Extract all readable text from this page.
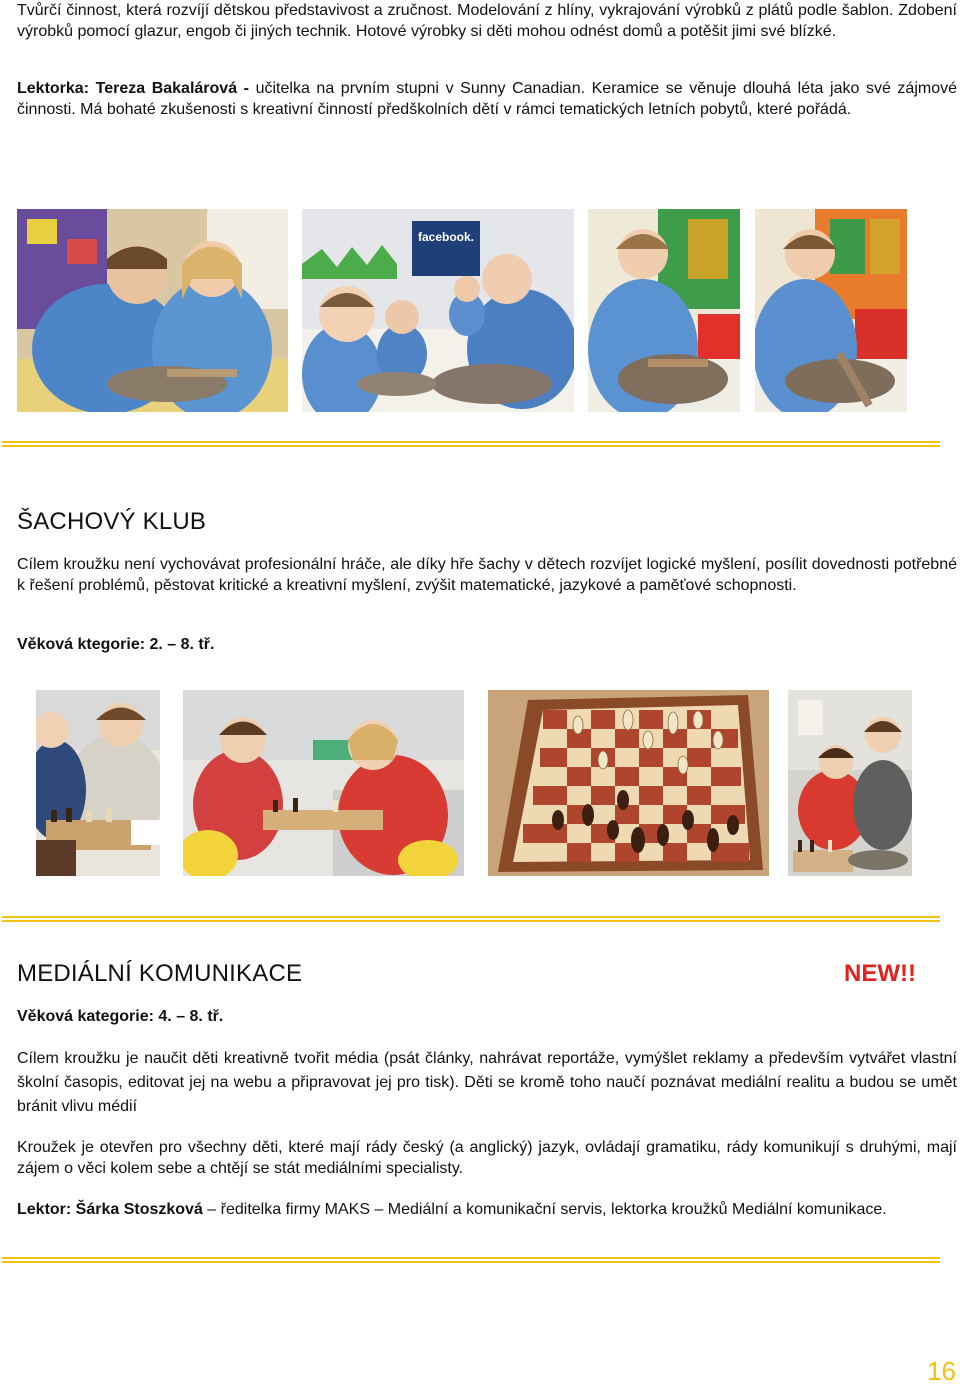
Tvůrčí činnost, která rozvíjí dětskou představivost a zručnost. Modelování z hlíny, vykrajování výrobků z plátů podle šablon. Zdobení výrobků pomocí glazur, engob či jiných technik. Hotové výrobky si děti mohou odnést domů a potěšit jimi své blízké.

Lektorka: Tereza Bakalárová - učitelka na prvním stupni v Sunny Canadian. Keramice se věnuje dlouhá léta jako své zájmové činnosti. Má bohaté zkušenosti s kreativní činností předškolních dětí v rámci tematických letních pobytů, které pořádá.

facebook.
ŠACHOVÝ KLUB

Cílem kroužku není vychovávat profesionální hráče, ale díky hře šachy v dětech rozvíjet logické myšlení, posílit dovednosti potřebné k řešení problémů, pěstovat kritické a kreativní myšlení, zvýšit matematické, jazykové a paměťové schopnosti.

Věková ktegorie: 2. – 8. tř.

MEDIÁLNÍ KOMUNIKACE	NEW!!

Věková kategorie: 4. – 8. tř.

Cílem kroužku je naučit děti kreativně tvořit média (psát články, nahrávat reportáže, vymýšlet reklamy a především vytvářet vlastní školní časopis, editovat jej na webu a připravovat jej pro tisk). Děti se kromě toho naučí poznávat mediální realitu a budou se umět bránit vlivu médií

Kroužek je otevřen pro všechny děti, které mají rády český (a anglický) jazyk, ovládají gramatiku, rády komunikují s druhými, mají zájem o věci kolem sebe a chtějí se stát mediálními specialisty.

Lektor: Šárka Stoszková – ředitelka firmy MAKS – Mediální a komunikační servis, lektorka kroužků Mediální komunikace.

16
